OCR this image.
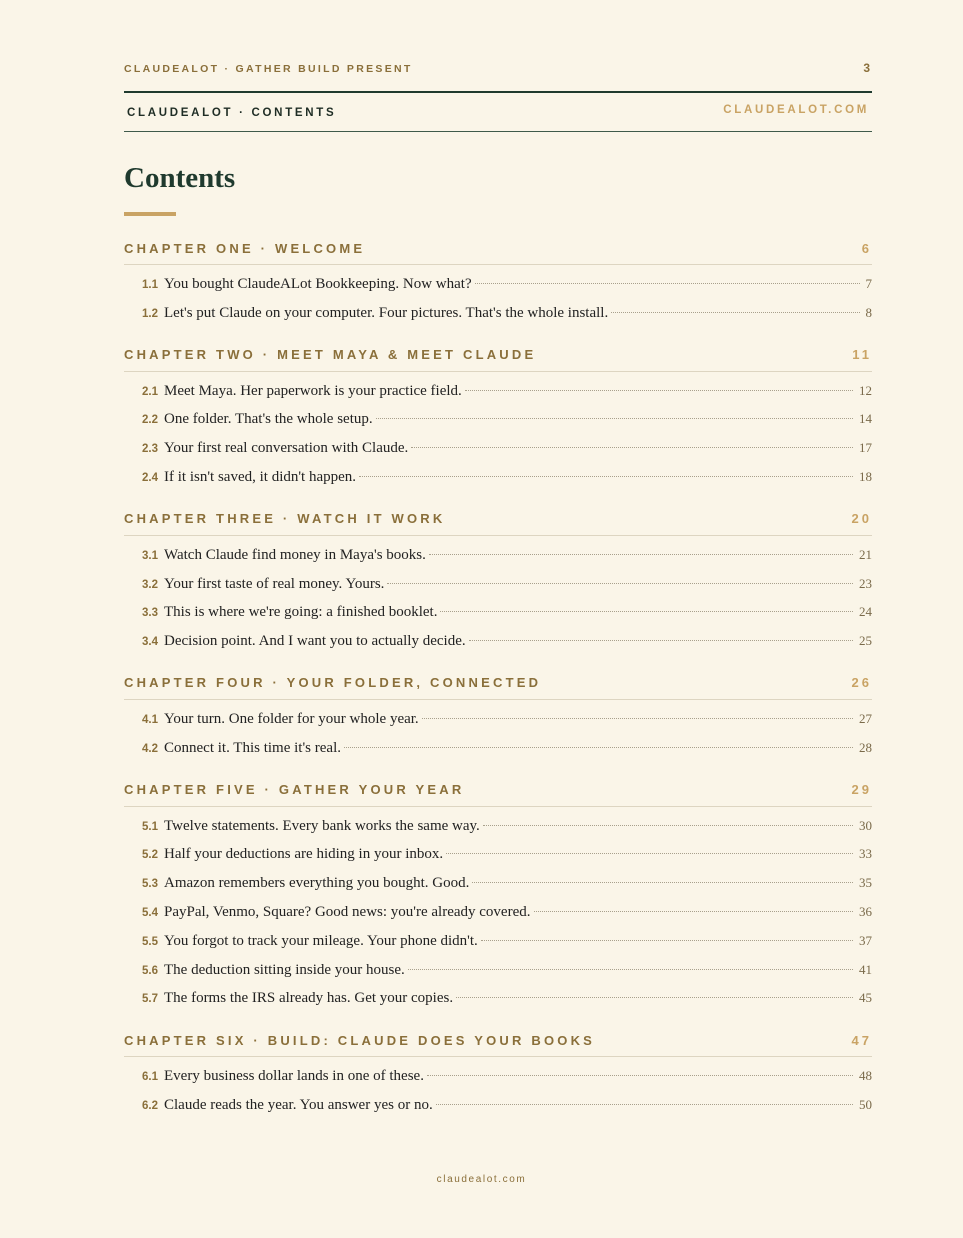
CLAUDEALOT · GATHER BUILD PRESENT	3
CLAUDEALOT · CONTENTS	CLAUDEALOT.COM
Contents
CHAPTER ONE · WELCOME	6
1.1 You bought ClaudeALot Bookkeeping. Now what?	7
1.2 Let's put Claude on your computer. Four pictures. That's the whole install.	8
CHAPTER TWO · MEET MAYA & MEET CLAUDE	11
2.1 Meet Maya. Her paperwork is your practice field.	12
2.2 One folder. That's the whole setup.	14
2.3 Your first real conversation with Claude.	17
2.4 If it isn't saved, it didn't happen.	18
CHAPTER THREE · WATCH IT WORK	20
3.1 Watch Claude find money in Maya's books.	21
3.2 Your first taste of real money. Yours.	23
3.3 This is where we're going: a finished booklet.	24
3.4 Decision point. And I want you to actually decide.	25
CHAPTER FOUR · YOUR FOLDER, CONNECTED	26
4.1 Your turn. One folder for your whole year.	27
4.2 Connect it. This time it's real.	28
CHAPTER FIVE · GATHER YOUR YEAR	29
5.1 Twelve statements. Every bank works the same way.	30
5.2 Half your deductions are hiding in your inbox.	33
5.3 Amazon remembers everything you bought. Good.	35
5.4 PayPal, Venmo, Square? Good news: you're already covered.	36
5.5 You forgot to track your mileage. Your phone didn't.	37
5.6 The deduction sitting inside your house.	41
5.7 The forms the IRS already has. Get your copies.	45
CHAPTER SIX · BUILD: CLAUDE DOES YOUR BOOKS	47
6.1 Every business dollar lands in one of these.	48
6.2 Claude reads the year. You answer yes or no.	50
claudealot.com
